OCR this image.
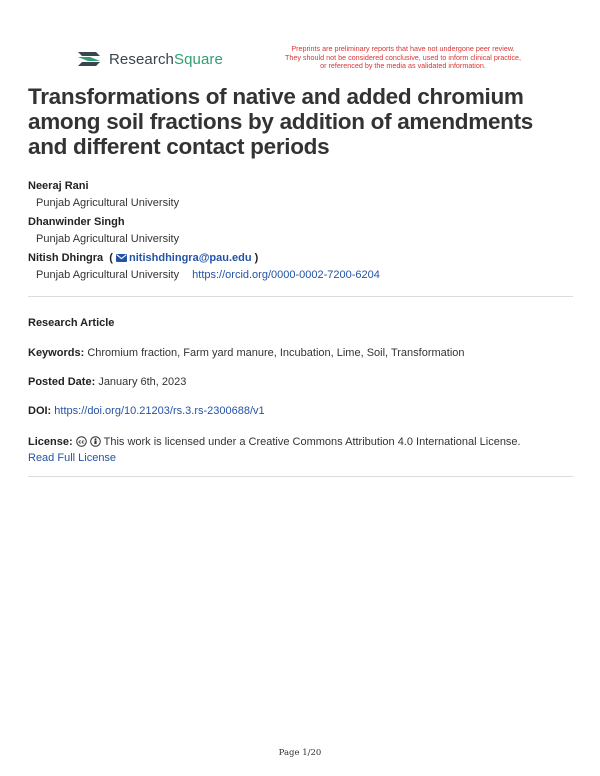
ResearchSquare
Preprints are preliminary reports that have not undergone peer review.
They should not be considered conclusive, used to inform clinical practice,
or referenced by the media as validated information.
Transformations of native and added chromium among soil fractions by addition of amendments and different contact periods
Neeraj Rani
Punjab Agricultural University
Dhanwinder Singh
Punjab Agricultural University
Nitish Dhingra  ( nitishdhingra@pau.edu )
Punjab Agricultural University https://orcid.org/0000-0002-7200-6204
Research Article
Keywords: Chromium fraction, Farm yard manure, Incubation, Lime, Soil, Transformation
Posted Date: January 6th, 2023
DOI: https://doi.org/10.21203/rs.3.rs-2300688/v1
License: cc This work is licensed under a Creative Commons Attribution 4.0 International License.
Read Full License
Page 1/20
